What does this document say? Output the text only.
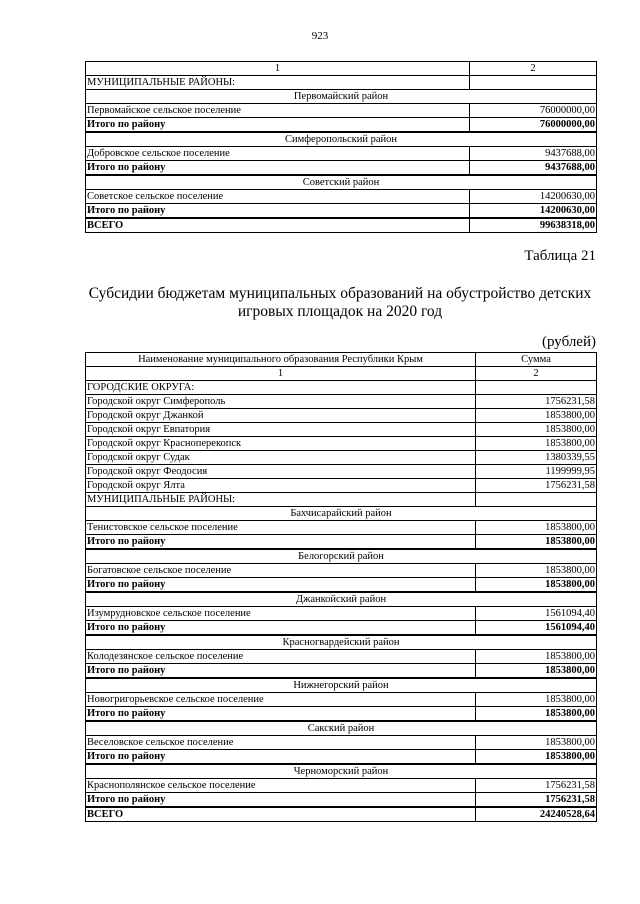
923
1	2
МУНИЦИПАЛЬНЫЕ РАЙОНЫ:	
Первомайский район	
Первомайское сельское поселение	76000000,00
Итого по району	76000000,00
Симферопольский район	
Добровское сельское поселение	9437688,00
Итого по району	9437688,00
Советский район	
Советское сельское поселение	14200630,00
Итого по району	14200630,00
ВСЕГО	99638318,00
Таблица 21
Субсидии бюджетам муниципальных образований на обустройство детских игровых площадок на 2020 год
(рублей)
Наименование муниципального образования Республики Крым	Сумма
1	2
ГОРОДСКИЕ ОКРУГА:	
Городской округ Симферополь	1756231,58
Городской округ Джанкой	1853800,00
Городской округ Евпатория	1853800,00
Городской округ Красноперекопск	1853800,00
Городской округ Судак	1380339,55
Городской округ Феодосия	1199999,95
Городской округ Ялта	1756231,58
МУНИЦИПАЛЬНЫЕ РАЙОНЫ:	
Бахчисарайский район	
Тенистовское сельское поселение	1853800,00
Итого по району	1853800,00
Белогорский район	
Богатовское сельское поселение	1853800,00
Итого по району	1853800,00
Джанкойский район	
Изумрудновское сельское поселение	1561094,40
Итого по району	1561094,40
Красногвардейский район	
Колодезянское сельское поселение	1853800,00
Итого по району	1853800,00
Нижнегорский район	
Новогригорьевское сельское поселение	1853800,00
Итого по району	1853800,00
Сакский район	
Веселовское сельское поселение	1853800,00
Итого по району	1853800,00
Черноморский район	
Краснополянское сельское поселение	1756231,58
Итого по району	1756231,58
ВСЕГО	24240528,64
